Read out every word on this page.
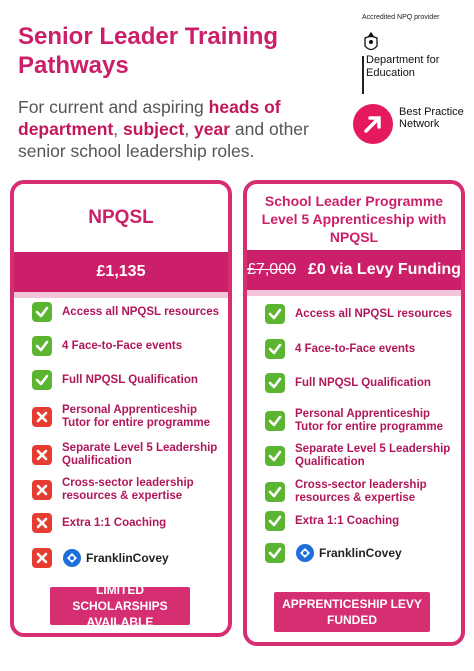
Senior Leader Training Pathways
For current and aspiring heads of department, subject, year and other senior school leadership roles.
Accredited NPQ provider
Department for Education
Best Practice Network
NPQSL
£1,135
Access all NPQSL resources
4 Face-to-Face events
Full NPQSL Qualification
Personal Apprenticeship Tutor for entire programme
Separate Level 5 Leadership Qualification
Cross-sector leadership resources & expertise
Extra 1:1 Coaching
FranklinCovey
LIMITED SCHOLARSHIPS AVAILABLE
School Leader Programme Level 5 Apprenticeship with NPQSL
£7,000 £0 via Levy Funding
Access all NPQSL resources
4 Face-to-Face events
Full NPQSL Qualification
Personal Apprenticeship Tutor for entire programme
Separate Level 5 Leadership Qualification
Cross-sector leadership resources & expertise
Extra 1:1 Coaching
FranklinCovey
APPRENTICESHIP LEVY FUNDED
